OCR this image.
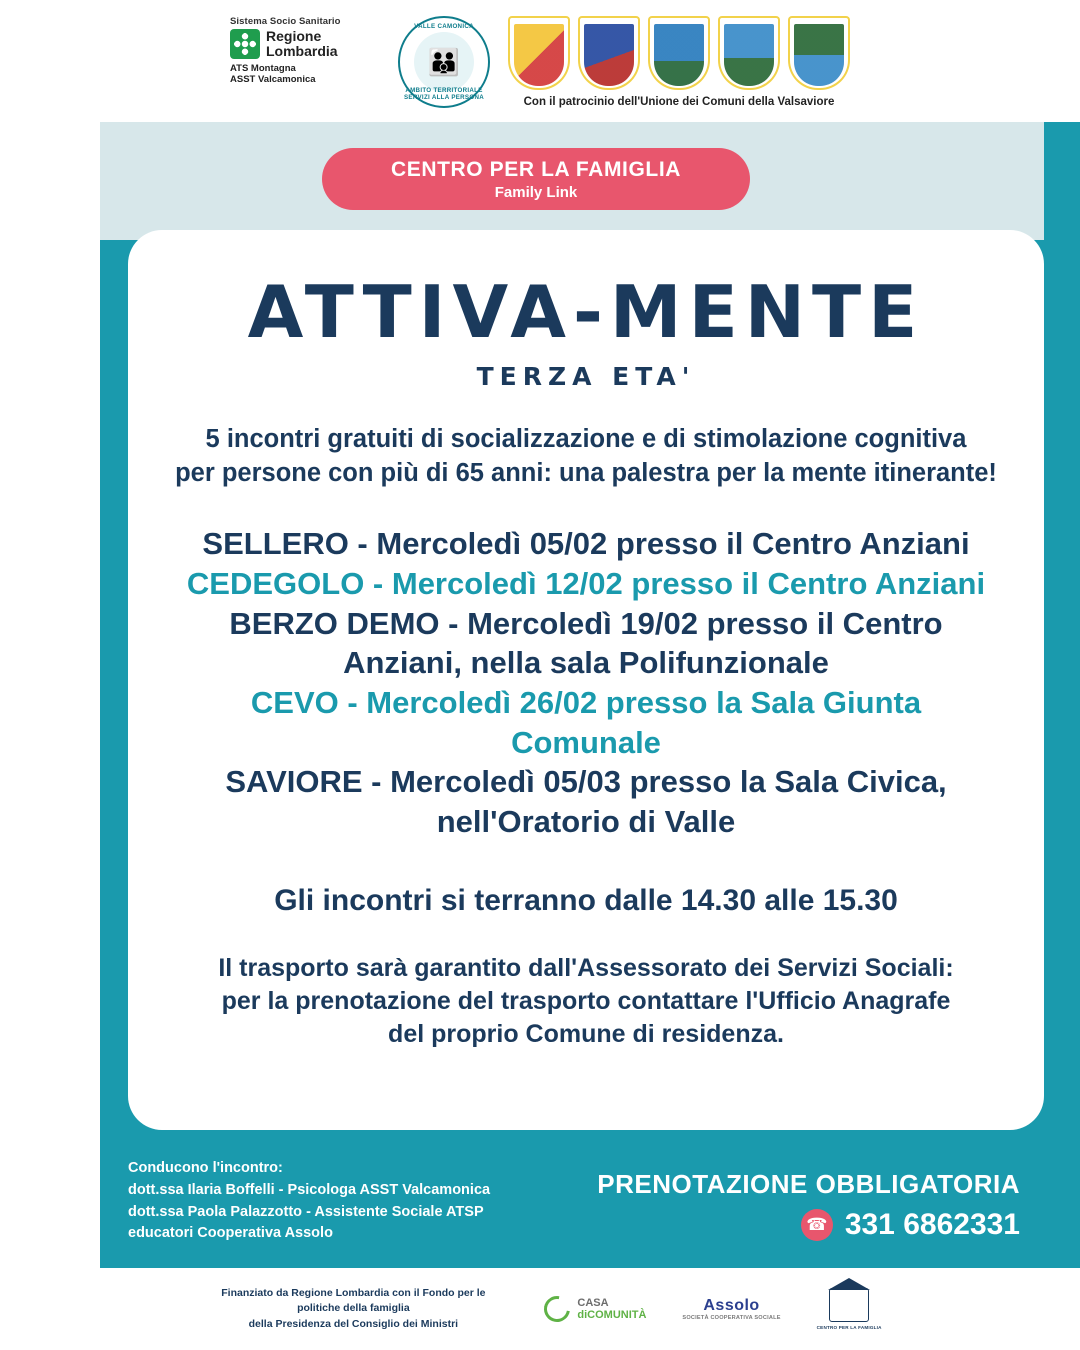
Sistema Socio Sanitario
Regione
Lombardia
ATS Montagna
ASST Valcamonica
VALLE CAMONICA
👪
AMBITO TERRITORIALE SERVIZI ALLA PERSONA	Con il patrocinio dell'Unione dei Comuni della Valsaviore
CENTRO PER LA FAMIGLIA
Family Link
ATTIVA-MENTE
TERZA ETA'
5 incontri gratuiti di socializzazione e di stimolazione cognitiva
per persone con più di 65 anni: una palestra per la mente itinerante!
SELLERO - Mercoledì 05/02 presso il Centro Anziani
CEDEGOLO - Mercoledì 12/02 presso il Centro Anziani
BERZO DEMO - Mercoledì 19/02 presso il Centro
Anziani, nella sala Polifunzionale
CEVO - Mercoledì 26/02 presso la Sala Giunta
Comunale
SAVIORE - Mercoledì 05/03 presso la Sala Civica,
nell'Oratorio di Valle
Gli incontri si terranno dalle 14.30 alle 15.30
Il trasporto sarà garantito dall'Assessorato dei Servizi Sociali:
per la prenotazione del trasporto contattare l'Ufficio Anagrafe
del proprio Comune di residenza.
Conducono l'incontro:
dott.ssa Ilaria Boffelli - Psicologa ASST Valcamonica
dott.ssa Paola Palazzotto - Assistente Sociale ATSP
educatori Cooperativa Assolo
PRENOTAZIONE OBBLIGATORIA
☎ 331 6862331
Finanziato da Regione Lombardia con il Fondo per le politiche della famiglia
della Presidenza del Consiglio dei Ministri
CASA
diCOMUNITÀ
Assolo
SOCIETÀ COOPERATIVA SOCIALE
CENTRO PER LA FAMIGLIA
